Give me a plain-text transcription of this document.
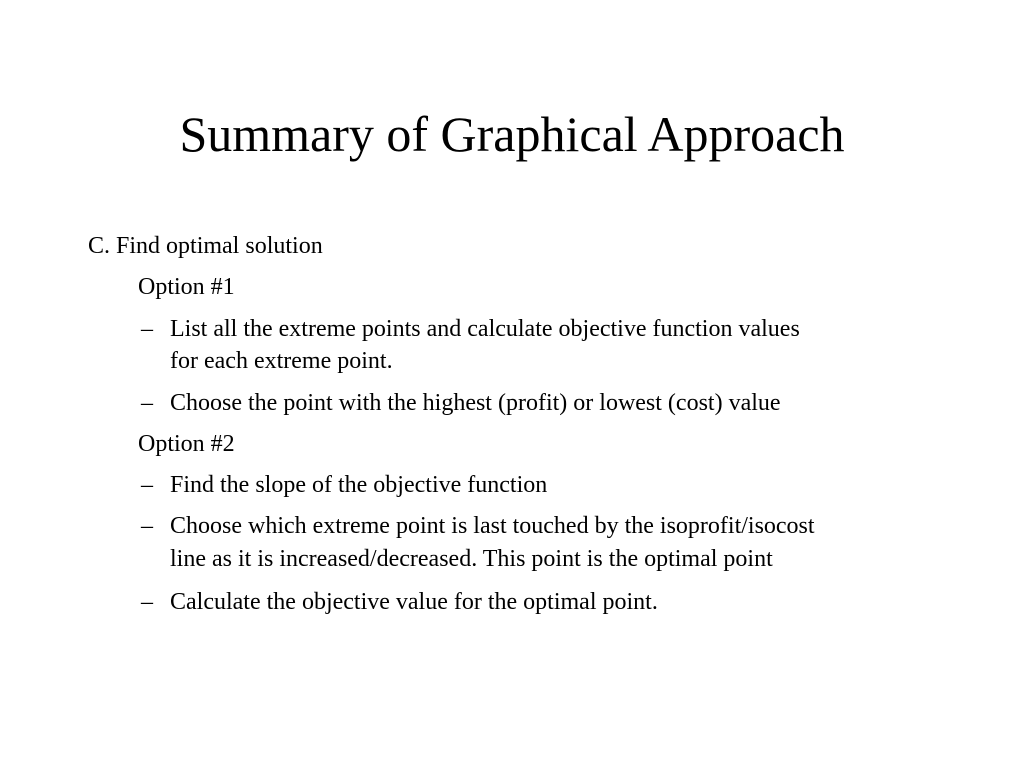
Summary of Graphical Approach
C. Find optimal solution
Option #1
– List all the extreme points and calculate objective function values
for each extreme point.
– Choose the point with the highest (profit) or lowest (cost) value
Option #2
– Find the slope of the objective function
– Choose which extreme point is last touched by the isoprofit/isocost
line as it is increased/decreased. This point is the optimal point
– Calculate the objective value for the optimal point.
